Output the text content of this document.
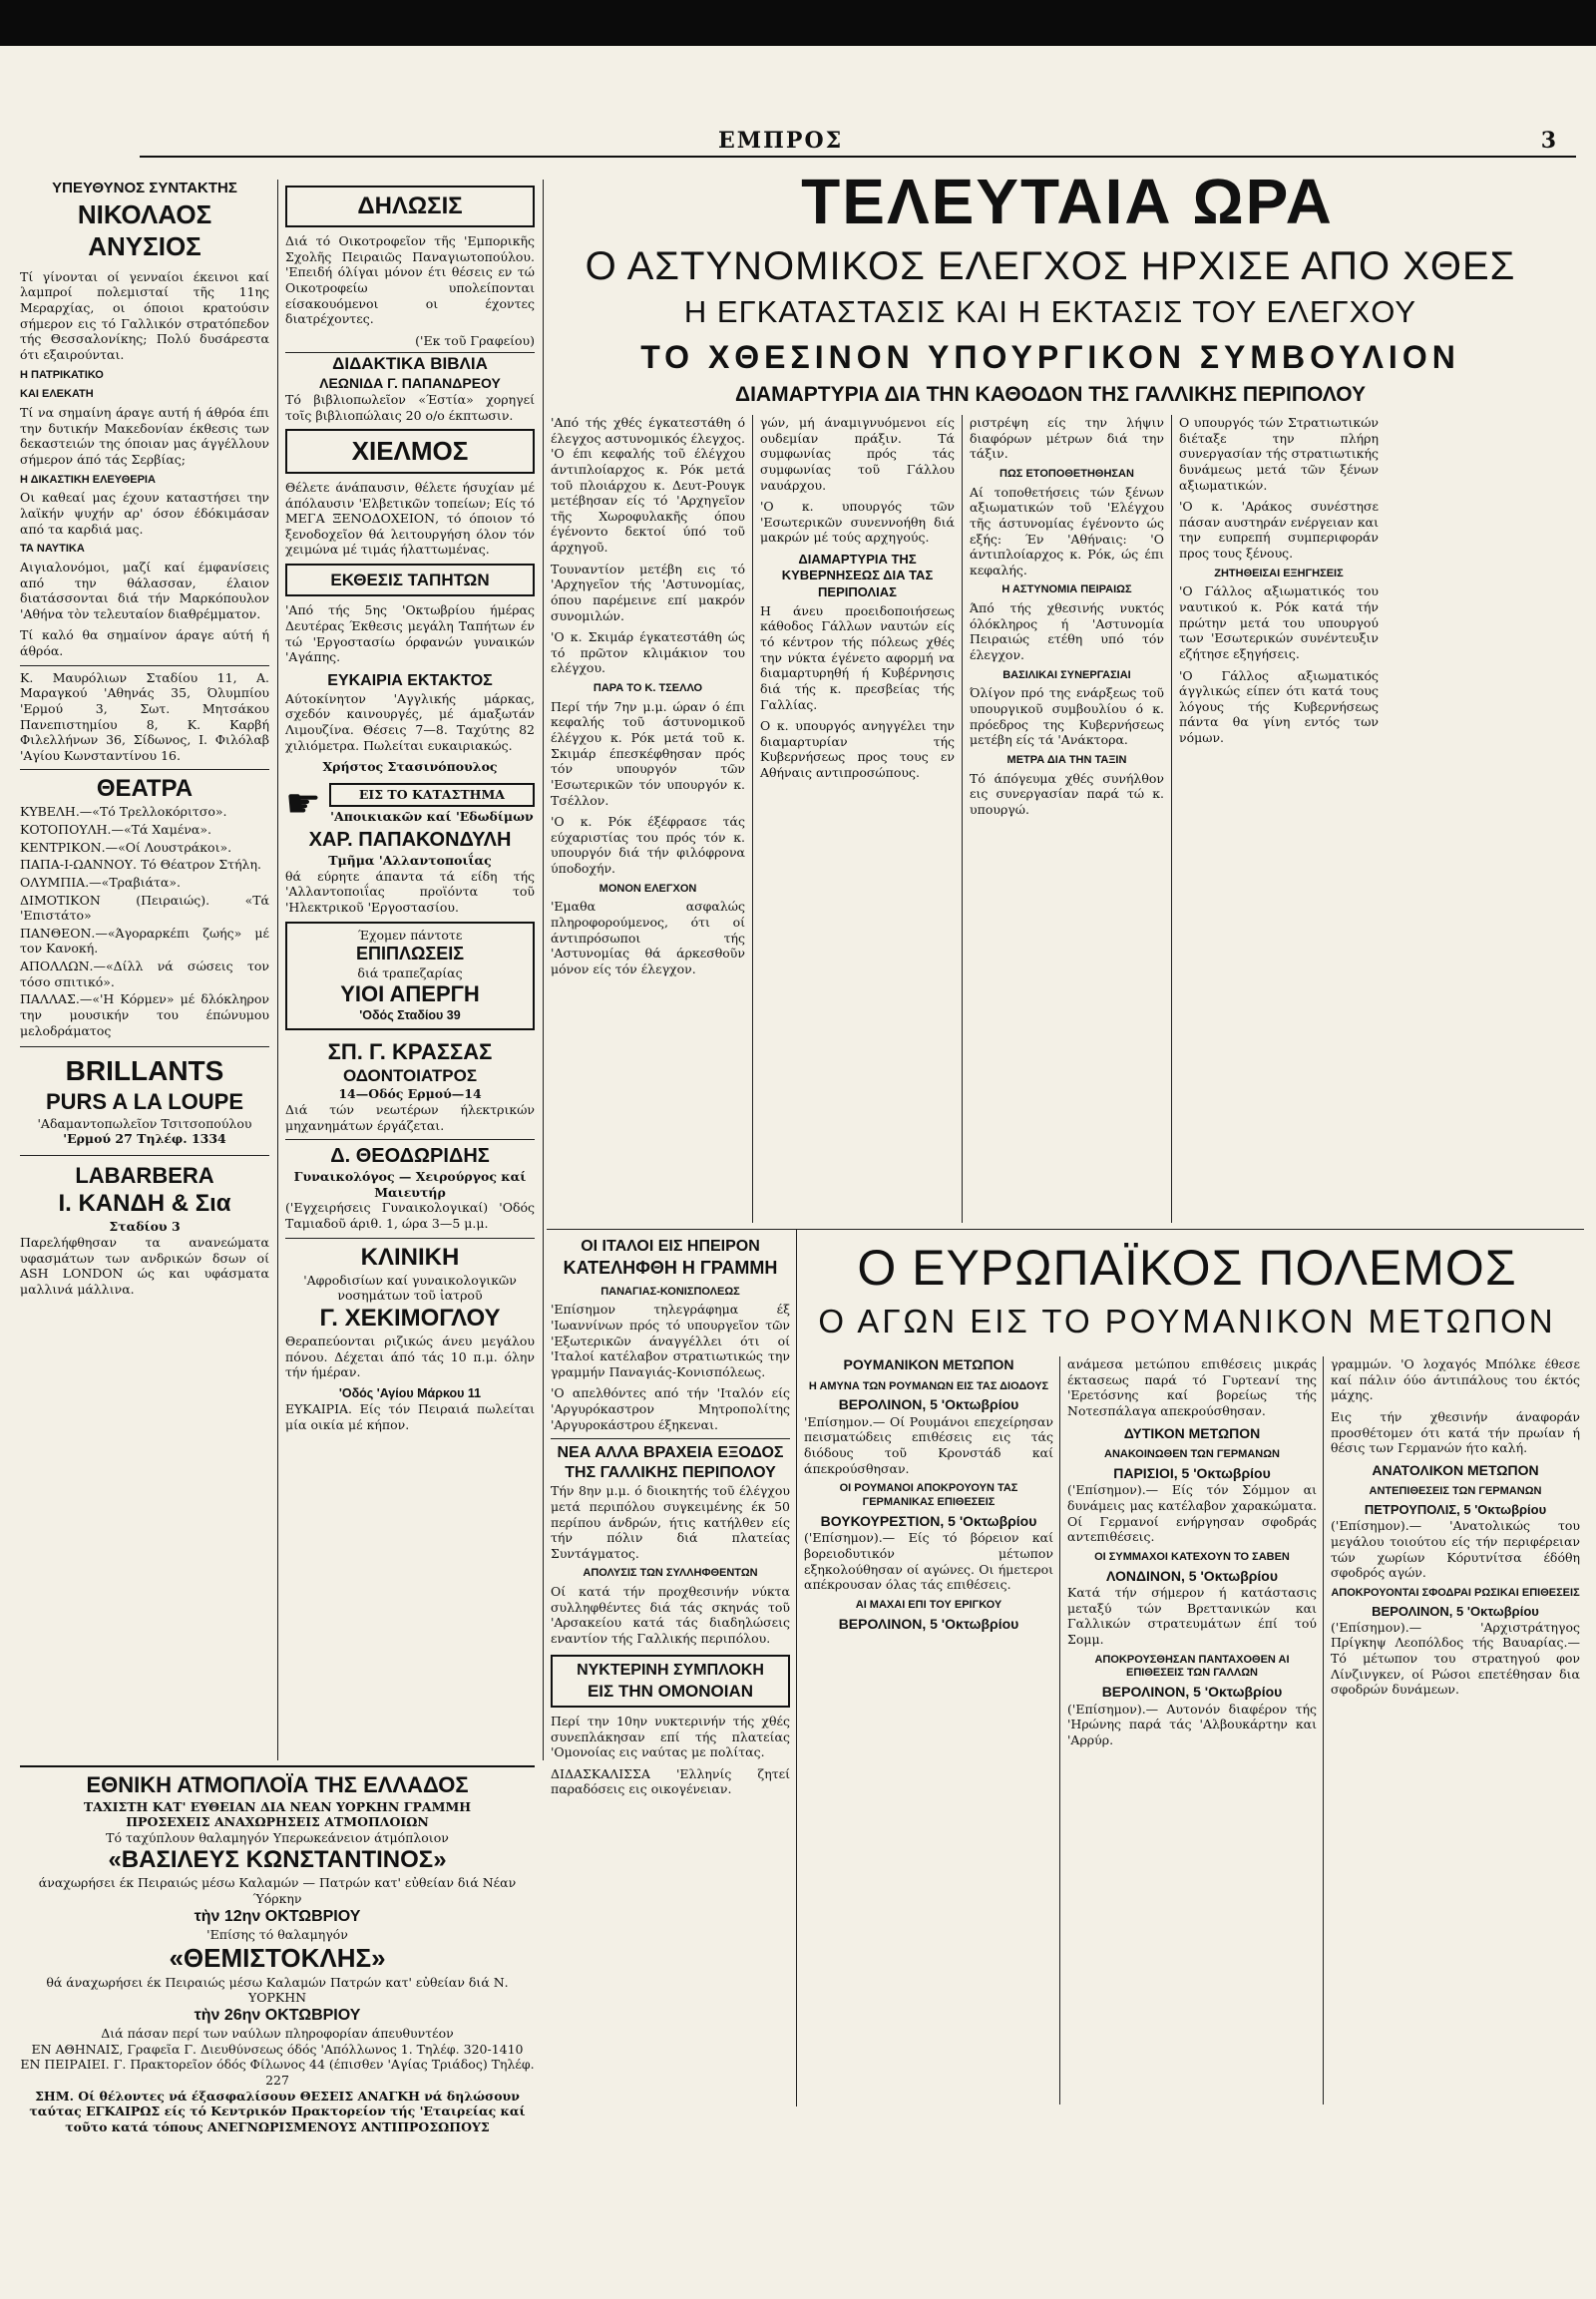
ΕΜΠΡΟΣ	3
ΥΠΕΥΘΥΝΟΣ ΣΥΝΤΑΚΤΗΣ
ΝΙΚΟΛΑΟΣ ΑΝΥΣΙΟΣ

Τί γίνονται οί γενναίοι έκεινοι καί λαμπροί πολεμισταί τῆς 11ης Μεραρχίας, οι όποιοι κρατούσιν σήμερον εις τό Γαλλικόν στρατόπεδον τής Θεσσαλονίκης; Πολύ δυσάρεστα ότι εξαιρούνται.

Η ΠΑΤΡΙΚΑΤΙΚΟ
ΚΑΙ ΕΛΕΚΑΤΗ

Τί να σημαίνη άραγε αυτή ή άθρόα έπι την δυτικήν Μακεδονίαν έκθεσις των δεκαστειών της όποιαν μας άγγέλλουν σήμερον άπό τάς Σερβίας;

Η ΔΙΚΑΣΤΙΚΗ ΕΛΕΥΘΕΡΙΑ

Οι καθεαί μας έχουν καταστήσει την λαϊκήν ψυχήν αρ' όσον έδόκιμάσαν από τα καρδιά μας.

ΤΑ ΝΑΥΤΙΚΑ

Αιγιαλονόμοι, μαζί καί έμφανίσεις από την θάλασσαν, έλαιον διατάσσονται διά τήν Μαρκόπουλον 'Αθήνα τὸν τελευταίον διαθρέμματον.

Τί καλό θα σημαίνον άραγε αύτή ή άθρόα.

Κ. Μαυρόλιων Σταδίου 11, Α. Μαραγκού 'Αθηνάς 35, Όλυμπίου 'Ερμού 3, Σωτ. Μητσάκου Πανεπιστημίου 8, Κ. Καρβή Φιλελλήνων 36, Σίδωνος, Ι. Φιλόλαβ 'Αγίου Κωνσταντίνου 16.

ΘΕΑΤΡΑ
ΚΥΒΕΛΗ.—«Τό Τρελλοκόριτσο».
ΚΟΤΟΠΟΥΛΗ.—«Τά Χαμένα».
ΚΕΝΤΡΙΚΟΝ.—«Οί Λουστράκοι».
ΠΑΠΑ-Ι-ΩΑΝΝΟΥ. Τό Θέατρον Στήλη.
ΟΛΥΜΠΙΑ.—«Τραβιάτα».
ΔΙΜΟΤΙΚΟΝ (Πειραιώς). «Τά 'Επιστάτο»
ΠΑΝΘΕΟΝ.—«Άγοραρκέπι ζωής» μέ τον Κανοκή.
ΑΠΟΛΛΩΝ.—«Δίλλ νά σώσεις τον τόσο σπιτικό».
ΠΑΛΛΑΣ.—«'Η Κόρμεν» μέ δλόκληρον την μουσικήν του έπώνυμου μελοδράματος
BRILLANTS
PURS A LA LOUPE
'Αδαμαντοπωλεῖον Τσιτσοπούλου
'Ερμού 27 Τηλέφ. 1334
LABARBERA
I. ΚΑΝΔΗ & Σια
Σταδίου 3

Παρελήφθησαν τα ανανεώματα υφασμάτων των ανδρικών δσων οί ASH LONDON ώς και υφάσματα μαλλινά μάλλινα.

ΔΗΛΩΣΙΣ

Διά τό Οικοτροφεῖον τῆς 'Εμπορικῆς Σχολῆς Πειραιῶς Παναγιωτοπούλου. 'Επειδή όλίγαι μόνον έτι θέσεις εν τώ Οικοτροφείω υπολείπονται είσακουόμενοι οι έχοντες διατρέχοντες.

('Εκ τοῦ Γραφείου)
ΔΙΔΑΚΤΙΚΑ ΒΙΒΛΙΑ
ΛΕΩΝΙΔΑ Γ. ΠΑΠΑΝΔΡΕΟΥ

Τό βιβλιοπωλεῖον «Έστία» χορηγεί τοῖς βιβλιοπώλαις 20 ο/ο έκπτωσιν.

ΧΙΕΛΜΟΣ

Θέλετε άνάπαυσιν, θέλετε ήσυχίαν μέ άπόλαυσιν 'Ελβετικῶν τοπείων; Είς τό ΜΕΓΑ ΞΕΝΟΔΟΧΕΙΟΝ, τό όποιον τό ξενοδοχεῖον θά λειτουργήση όλον τόν χειμώνα μέ τιμάς ήλαττωμένας.

ΕΚΘΕΣΙΣ ΤΑΠΗΤΩΝ

'Από τής 5ης 'Οκτωβρίου ήμέρας Δευτέρας Έκθεσις μεγάλη Ταπήτων έν τώ 'Εργοστασίω όρφανών γυναικών 'Αγάπης.

ΕΥΚΑΙΡΙΑ ΕΚΤΑΚΤΟΣ

Αύτοκίνητον 'Αγγλικής μάρκας, σχεδόν καινουργές, μέ άμαξωτάν Λιμουζίνα. Θέσεις 7—8. Ταχύτης 82 χιλιόμετρα. Πωλείται ευκαιριακώς.

Χρήστος Στασινόπουλος
☛	ΕΙΣ ΤΟ ΚΑΤΑΣΤΗΜΑ
'Αποικιακῶν καί 'Εδωδίμων
ΧΑΡ. ΠΑΠΑΚΟΝΔΥΛΗ
Τμῆμα 'Αλλαντοποιΐας

θά εύρητε άπαντα τά είδη τής 'Αλλαντοποιΐας προϊόντα τοῦ 'Ηλεκτρικοῦ 'Εργοστασίου.

Έχομεν πάντοτε
ΕΠΙΠΛΩΣΕΙΣ
διά τραπεζαρίας
ΥΙΟΙ ΑΠΕΡΓΗ
'Οδός Σταδίου 39
ΣΠ. Γ. ΚΡΑΣΣΑΣ
ΟΔΟΝΤΟΙΑΤΡΟΣ
14—Οδός Ερμού—14

Διά τών νεωτέρων ήλεκτρικών μηχανημάτων έργάζεται.

Δ. ΘΕΟΔΩΡΙΔΗΣ
Γυναικολόγος — Χειρούργος καί Μαιευτήρ

('Εγχειρήσεις Γυναικολογικαί) 'Οδός Ταμιαδοῦ άριθ. 1, ώρα 3—5 μ.μ.

ΚΛΙΝΙΚΗ
'Αφροδισίων καί γυναικολογικῶν νοσημάτων τοῦ ἰατροῦ
Γ. ΧΕΚΙΜΟΓΛΟΥ

Θεραπεύονται ριζικώς άνευ μεγάλου πόνου. Δέχεται άπό τάς 10 π.μ. όλην τήν ήμέραν.

'Οδός 'Αγίου Μάρκου 11

ΕΥΚΑΙΡΙΑ. Είς τόν Πειραιά πωλείται μία οικία μέ κήπον.

ΤΕΛΕΥΤΑΙΑ ΩΡΑ
Ο ΑΣΤΥΝΟΜΙΚΟΣ ΕΛΕΓΧΟΣ ΗΡΧΙΣΕ ΑΠΟ ΧΘΕΣ
Η ΕΓΚΑΤΑΣΤΑΣΙΣ ΚΑΙ Η ΕΚΤΑΣΙΣ ΤΟΥ ΕΛΕΓΧΟΥ
ΤΟ ΧΘΕΣΙΝΟΝ ΥΠΟΥΡΓΙΚΟΝ ΣΥΜΒΟΥΛΙΟΝ
ΔΙΑΜΑΡΤΥΡΙΑ ΔΙΑ ΤΗΝ ΚΑΘΟΔΟΝ ΤΗΣ ΓΑΛΛΙΚΗΣ ΠΕΡΙΠΟΛΟΥ

'Από τής χθές έγκατεστάθη ό έλεγχος αστυνομικός έλεγχος. 'Ο έπι κεφαλής τοῦ έλέγχου άντιπλοίαρχος κ. Ρόκ μετά τοῦ πλοιάρχου κ. Δευτ-Ρουγκ μετέβησαν είς τό 'Αρχηγεῖον τῆς Χωροφυλακῆς όπου έγένοντο δεκτοί ύπό τοῦ άρχηγοῦ.

Τουναντίον μετέβη εις τό 'Αρχηγεῖον τής 'Αστυνομίας, όπου παρέμεινε επί μακρόν συνομιλών.

'Ο κ. Σκιμάρ έγκατεστάθη ώς τό πρῶτον κλιμάκιον του ελέγχου.

ΠΑΡΑ ΤΟ Κ. ΤΣΕΛΛΟ

Περί τήν 7ην μ.μ. ώραν ό έπι κεφαλής τοῦ άστυνομικοῦ έλέγχου κ. Ρόκ μετά τοῦ κ. Σκιμάρ έπεσκέφθησαν πρός τόν υπουργόν τῶν 'Εσωτερικῶν τόν υπουργόν κ. Τσέλλον.

'Ο κ. Ρόκ έξέφρασε τάς εύχαριστίας του πρός τόν κ. υπουργόν διά τήν φιλόφρονα ύποδοχήν.

ΜΟΝΟΝ ΕΛΕΓΧΟΝ

'Εμαθα ασφαλώς πληροφορούμενος, ότι οί άντιπρόσωποι τής 'Αστυνομίας θά άρκεσθοῦν μόνον είς τόν έλεγχον.

γών, μή άναμιγνυόμενοι είς ουδεμίαν πράξιν. Τά συμφωνίας πρός τάς συμφωνίας τοῦ Γάλλου ναυάρχου.

'Ο κ. υπουργός τῶν 'Εσωτερικῶν συνεννοήθη διά μακρών μέ τούς αρχηγούς.

ΔΙΑΜΑΡΤΥΡΙΑ ΤΗΣ ΚΥΒΕΡΝΗΣΕΩΣ ΔΙΑ ΤΑΣ ΠΕΡΙΠΟΛΙΑΣ

Η άνευ προειδοποιήσεως κάθοδος Γάλλων ναυτών είς τό κέντρον τής πόλεως χθές την νύκτα έγένετο αφορμή να διαμαρτυρηθή ή Κυβέρνησις διά τής κ. πρεσβείας τής Γαλλίας.

Ο κ. υπουργός ανηγγέλει την διαμαρτυρίαν τής Κυβερνήσεως προς τους εν Αθήναις αντιπροσώπους.

ριστρέψη είς την λήψιν διαφόρων μέτρων διά την τάξιν.

ΠΩΣ ΕΤΟΠΟΘΕΤΗΘΗΣΑΝ

Αί τοποθετήσεις τών ξένων αξιωματικών τοῦ 'Ελέγχου τῆς άστυνομίας έγένοντο ώς εξής: Έν 'Αθήναις: 'Ο άντιπλοίαρχος κ. Ρόκ, ώς έπι κεφαλής.

Η ΑΣΤΥΝΟΜΙΑ ΠΕΙΡΑΙΩΣ

Άπό τής χθεσινής νυκτός όλόκληρος ή 'Αστυνομία Πειραιώς ετέθη υπό τόν έλεγχον.

ΒΑΣΙΛΙΚΑΙ ΣΥΝΕΡΓΑΣΙΑΙ

Όλίγον πρό της ενάρξεως τοῦ υπουργικοῦ συμβουλίου ό κ. πρόεδρος της Κυβερνήσεως μετέβη είς τά 'Ανάκτορα.

ΜΕΤΡΑ ΔΙΑ ΤΗΝ ΤΑΞΙΝ

Τό άπόγευμα χθές συνήλθον εις συνεργασίαν παρά τώ κ. υπουργώ.

Ο υπουργός τών Στρατιωτικών διέταξε την πλήρη συνεργασίαν τής στρατιωτικής δυνάμεως μετά τῶν ξένων αξιωματικών.

'Ο κ. 'Αράκος συνέστησε πάσαν αυστηράν ενέργειαν και την ευπρεπή συμπεριφοράν προς τους ξένους.

ΖΗΤΗΘΕΙΣΑΙ ΕΞΗΓΗΣΕΙΣ

'Ο Γάλλος αξιωματικός του ναυτικού κ. Ρόκ κατά τήν πρώτην μετά του υπουργού των 'Εσωτερικών συνέντευξιν εζήτησε εξηγήσεις.

'Ο Γάλλος αξιωματικός άγγλικώς είπεν ότι κατά τους λόγους τής Κυβερνήσεως πάντα θα γίνη εντός των νόμων.

ΟΙ ΙΤΑΛΟΙ ΕΙΣ ΗΠΕΙΡΟΝ
ΚΑΤΕΛΗΦΘΗ Η ΓΡΑΜΜΗ
ΠΑΝΑΓΙΑΣ-ΚΟΝΙΣΠΟΛΕΩΣ

'Επίσημον τηλεγράφημα έξ 'Ιωαννίνων πρός τό υπουργεῖον τῶν 'Εξωτερικῶν άναγγέλλει ότι οί 'Ιταλοί κατέλαβον στρατιωτικώς την γραμμήν Παναγιάς-Κονισπόλεως.

'Ο απελθόντες από τήν 'Ιταλόν είς 'Αργυρόκαστρον Μητροπολίτης 'Αργυροκάστρου έξηκεναι.

ΝΕΑ ΑΛΛΑ ΒΡΑΧΕΙΑ ΕΞΟΔΟΣ
ΤΗΣ ΓΑΛΛΙΚΗΣ ΠΕΡΙΠΟΛΟΥ

Τήν 8ην μ.μ. ό διοικητής τοῦ έλέγχου μετά περιπόλου συγκειμένης έκ 50 περίπου άνδρών, ήτις κατήλθεν είς τήν πόλιν διά πλατείας Συντάγματος.

ΑΠΟΛΥΣΙΣ ΤΩΝ ΣΥΛΛΗΦΘΕΝΤΩΝ

Οί κατά τήν προχθεσινήν νύκτα συλληφθέντες διά τάς σκηνάς τοῦ 'Αρσακείου κατά τάς διαδηλώσεις εναντίον τής Γαλλικής περιπόλου.

ΝΥΚΤΕΡΙΝΗ ΣΥΜΠΛΟΚΗ
ΕΙΣ ΤΗΝ ΟΜΟΝΟΙΑΝ

Περί την 10ην νυκτερινήν τής χθές συνεπλάκησαν επί τής πλατείας 'Ομονοίας εις ναύτας με πολίτας.

ΔΙΔΑΣΚΑΛΙΣΣΑ 'Ελληνίς ζητεί παραδόσεις εις οικογένειαν.

Ο ΕΥΡΩΠΑΪΚΟΣ ΠΟΛΕΜΟΣ
Ο ΑΓΩΝ ΕΙΣ ΤΟ ΡΟΥΜΑΝΙΚΟΝ ΜΕΤΩΠΟΝ
ΡΟΥΜΑΝΙΚΟΝ ΜΕΤΩΠΟΝ
Η ΑΜΥΝΑ ΤΩΝ ΡΟΥΜΑΝΩΝ ΕΙΣ ΤΑΣ ΔΙΟΔΟΥΣ
ΒΕΡΟΛΙΝΟΝ, 5 'Οκτωβρίου

'Επίσημον.— Οί Ρουμάνοι επεχείρησαν πεισματώδεις επιθέσεις εις τάς διόδους τοῦ Κρονστάδ καί άπεκρούσθησαν.

ΟΙ ΡΟΥΜΑΝΟΙ ΑΠΟΚΡΟΥΟΥΝ ΤΑΣ ΓΕΡΜΑΝΙΚΑΣ ΕΠΙΘΕΣΕΙΣ
ΒΟΥΚΟΥΡΕΣΤΙΟΝ, 5 'Οκτωβρίου

('Επίσημον).— Είς τό βόρειον καί βορειοδυτικόν μέτωπον εξηκολούθησαν οί αγώνες. Οι ήμετεροι απέκρουσαν όλας τάς επιθέσεις.

ΑΙ ΜΑΧΑΙ ΕΠΙ ΤΟΥ ΕΡΙΓΚΟΥ
ΒΕΡΟΛΙΝΟΝ, 5 'Οκτωβρίου

ανάμεσα μετώπου επιθέσεις μικράς έκτασεως παρά τό Γυρτεανί της 'Ερετόσνης καί βορείως τής Νοτεσπάλαγα απεκρούσθησαν.

ΔΥΤΙΚΟΝ ΜΕΤΩΠΟΝ
ΑΝΑΚΟΙΝΩΘΕΝ ΤΩΝ ΓΕΡΜΑΝΩΝ
ΠΑΡΙΣΙΟΙ, 5 'Οκτωβρίου

('Επίσημον).— Είς τόν Σόμμον αι δυνάμεις μας κατέλαβον χαρακώματα. Οί Γερμανοί ενήργησαν σφοδράς αντεπιθέσεις.

ΟΙ ΣΥΜΜΑΧΟΙ ΚΑΤΕΧΟΥΝ ΤΟ ΣΑΒΕΝ
ΛΟΝΔΙΝΟΝ, 5 'Οκτωβρίου

Κατά τήν σήμερον ή κατάστασις μεταξύ τών Βρεττανικών και Γαλλικών στρατευμάτων έπί τού Σομμ.

ΑΠΟΚΡΟΥΣΘΗΣΑΝ ΠΑΝΤΑΧΟΘΕΝ ΑΙ ΕΠΙΘΕΣΕΙΣ ΤΩΝ ΓΑΛΛΩΝ
ΒΕΡΟΛΙΝΟΝ, 5 'Οκτωβρίου

('Επίσημον).— Αυτονόν διαφέρον τής 'Ηρώνης παρά τάς 'Αλβουκάρτην και 'Αρρύρ.

γραμμών. 'Ο λοχαγός Μπόλκε έθεσε καί πάλιν όύο άντιπάλους του έκτός μάχης.

Εις τήν χθεσινήν άναφοράν προσθέτομεν ότι κατά τήν πρωίαν ή θέσις των Γερμανών ήτο καλή.

ΑΝΑΤΟΛΙΚΟΝ ΜΕΤΩΠΟΝ
ΑΝΤΕΠΙΘΕΣΕΙΣ ΤΩΝ ΓΕΡΜΑΝΩΝ
ΠΕΤΡΟΥΠΟΛΙΣ, 5 'Οκτωβρίου

('Επίσημον).— 'Ανατολικώς του μεγάλου τοιούτου είς τήν περιφέρειαν τών χωρίων Κόρυτνίτσα έδόθη σφοδρός αγών.

ΑΠΟΚΡΟΥΟΝΤΑΙ ΣΦΟΔΡΑΙ ΡΩΣΙΚΑΙ ΕΠΙΘΕΣΕΙΣ
ΒΕΡΟΛΙΝΟΝ, 5 'Οκτωβρίου

('Επίσημον).— 'Αρχιστράτηγος Πρίγκηψ Λεοπόλδος τής Βαυαρίας.— Τό μέτωπον του στρατηγού φον Λίνζινγκεν, οί Ρώσοι επετέθησαν δια σφοδρών δυνάμεων.

ΕΘΝΙΚΗ ΑΤΜΟΠΛΟΪΑ ΤΗΣ ΕΛΛΑΔΟΣ
ΤΑΧΙΣΤΗ ΚΑΤ' ΕΥΘΕΙΑΝ ΔΙΑ ΝΕΑΝ ΥΟΡΚΗΝ ΓΡΑΜΜΗ
ΠΡΟΣΕΧΕΙΣ ΑΝΑΧΩΡΗΣΕΙΣ ΑΤΜΟΠΛΟΙΩΝ
Τό ταχύπλουν θαλαμηγόν Υπερωκεάνειον άτμόπλοιον
«ΒΑΣΙΛΕΥΣ ΚΩΝΣΤΑΝΤΙΝΟΣ»
άναχωρήσει έκ Πειραιώς μέσω Καλαμών — Πατρών κατ' εὐθείαν διά Νέαν Ύόρκην
τὴν 12ην ΟΚΤΩΒΡΙΟΥ
'Επίσης τό θαλαμηγόν
«ΘΕΜΙΣΤΟΚΛΗΣ»
θά άναχωρήσει έκ Πειραιώς μέσω Καλαμών Πατρών κατ' εὐθείαν διά Ν. ΥΟΡΚΗΝ
τὴν 26ην ΟΚΤΩΒΡΙΟΥ
Διά πάσαν περί των ναύλων πληροφορίαν άπευθυντέον
ΕΝ ΑΘΗΝΑΙΣ, Γραφεῖα Γ. Διευθύνσεως όδός 'Απόλλωνος 1. Τηλέφ. 320-1410
ΕΝ ΠΕΙΡΑΙΕΙ. Γ. Πρακτορεῖον όδός Φίλωνος 44 (έπισθεν 'Αγίας Τριάδος) Τηλέφ. 227
ΣΗΜ. Οί θέλοντες νά έξασφαλίσουν ΘΕΣΕΙΣ ΑΝΑΓΚΗ νά δηλώσουν ταύτας ΕΓΚΑΙΡΩΣ είς τό Κεντρικόν Πρακτορείον τής 'Εταιρείας καί τοῦτο κατά τόπους ΑΝΕΓΝΩΡΙΣΜΕΝΟΥΣ ΑΝΤΙΠΡΟΣΩΠΟΥΣ
